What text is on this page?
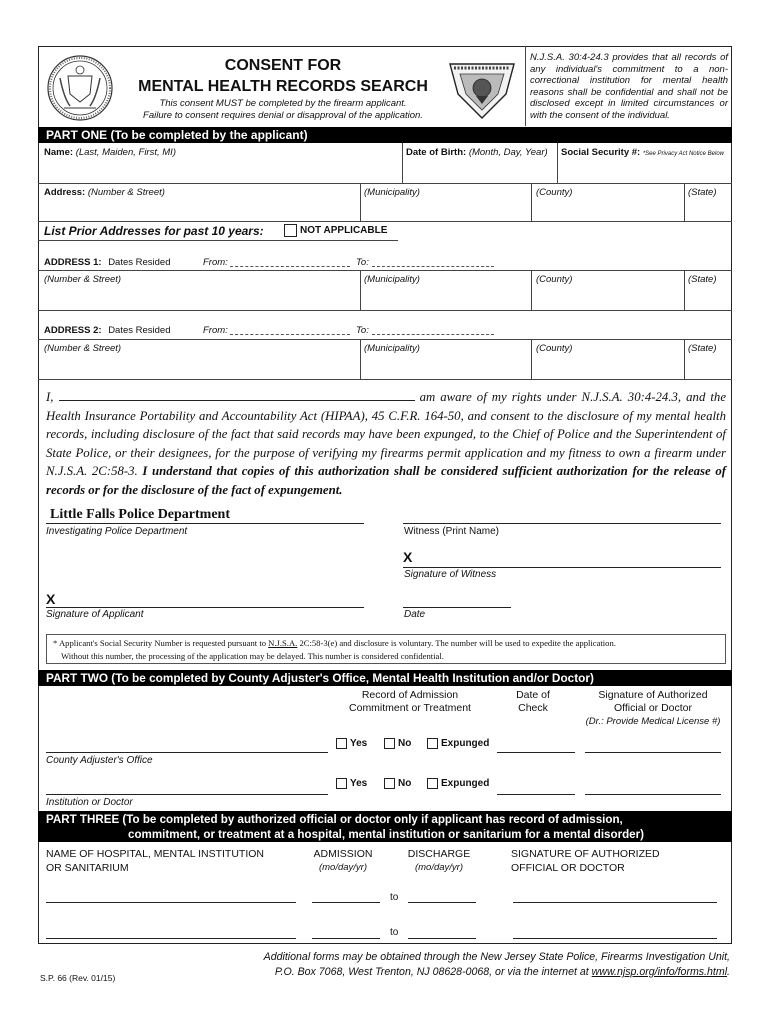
CONSENT FOR
MENTAL HEALTH RECORDS SEARCH
This consent MUST be completed by the firearm applicant.
Failure to consent requires denial or disapproval of the application.
N.J.S.A. 30:4-24.3 provides that all records of any individual's commitment to a non-correctional institution for mental health reasons shall be confidential and shall not be disclosed except in limited circumstances or with the consent of the individual.
PART ONE (To be completed by the applicant)
Name: (Last, Maiden, First, MI)	Date of Birth: (Month, Day, Year) Social Security #: *See Privacy Act Notice Below
Address: (Number & Street)	(Municipality)	(County)	(State)
List Prior Addresses for past 10 years:	NOT APPLICABLE
ADDRESS 1: Dates Resided	From:	To:
(Number & Street)	(Municipality)	(County)	(State)
ADDRESS 2: Dates Resided	From:	To:
(Number & Street)	(Municipality)	(County)	(State)
I,	am aware of my rights under N.J.S.A. 30:4-24.3, and the Health Insurance Portability and Accountability Act (HIPAA), 45 C.F.R. 164-50, and consent to the disclosure of my mental health records, including disclosure of the fact that said records may have been expunged, to the Chief of Police and the Superintendent of State Police, or their designees, for the purpose of verifying my firearms permit application and my fitness to own a firearm under N.J.S.A. 2C:58-3. I understand that copies of this authorization shall be considered sufficient authorization for the release of records or for the disclosure of the fact of expungement.
Little Falls Police Department
Investigating Police Department	Witness (Print Name)
X
Signature of Witness
X
Signature of Applicant	Date
* Applicant's Social Security Number is requested pursuant to N.J.S.A. 2C:58-3(e) and disclosure is voluntary. The number will be used to expedite the application.
Without this number, the processing of the application may be delayed. This number is considered confidential.
PART TWO (To be completed by County Adjuster's Office, Mental Health Institution and/or Doctor)
Record of Admission
Commitment or Treatment
Date of
Check
Signature of Authorized
Official or Doctor
(Dr.: Provide Medical License #)
County Adjuster's Office
Yes	No	Expunged
Institution or Doctor
Yes	No	Expunged
PART THREE (To be completed by authorized official or doctor only if applicant has record of admission,
commitment, or treatment at a hospital, mental institution or sanitarium for a mental disorder)
NAME OF HOSPITAL, MENTAL INSTITUTION
OR SANITARIUM
ADMISSION
(mo/day/yr)
DISCHARGE
(mo/day/yr)
SIGNATURE OF AUTHORIZED
OFFICIAL OR DOCTOR
to
to
S.P. 66 (Rev. 01/15)
Additional forms may be obtained through the New Jersey State Police, Firearms Investigation Unit,
P.O. Box 7068, West Trenton, NJ 08628-0068, or via the internet at www.njsp.org/info/forms.html.
